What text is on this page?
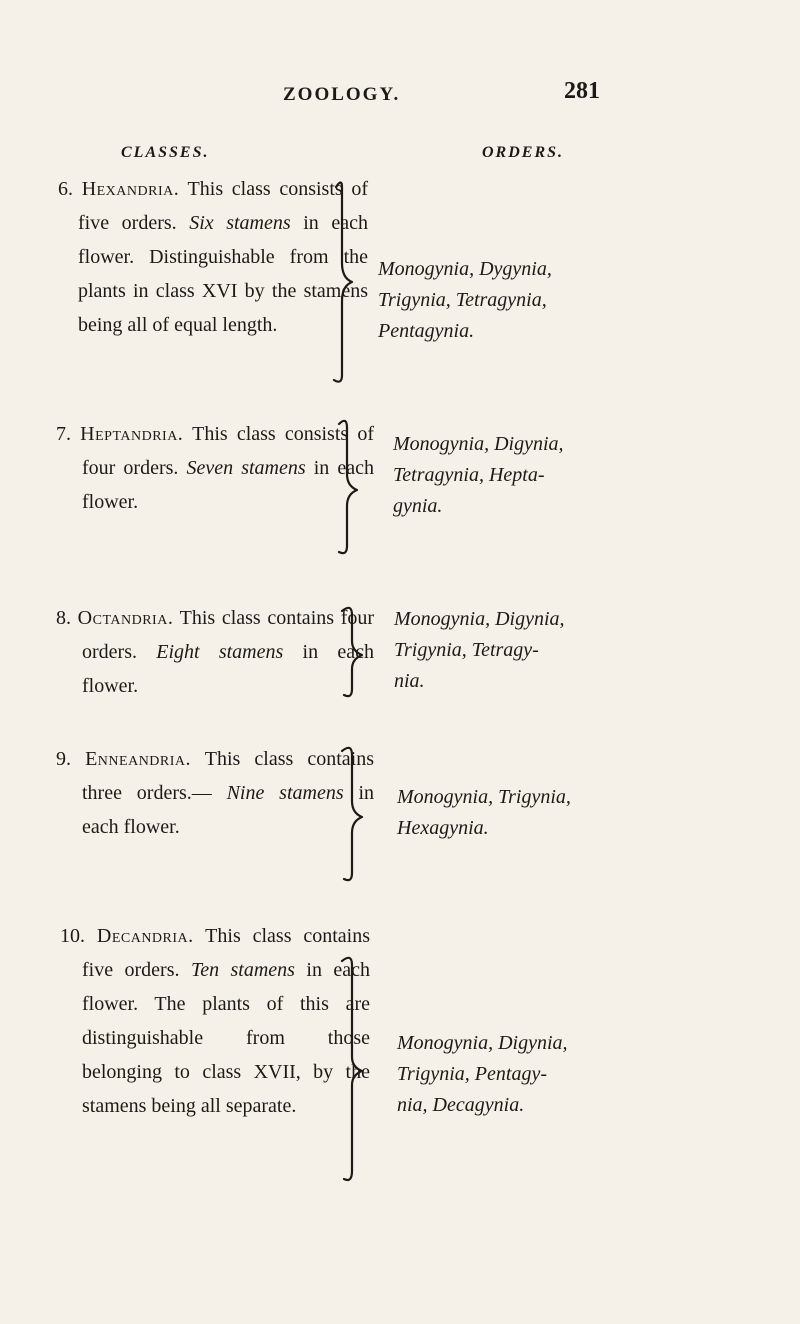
ZOOLOGY.	281
CLASSES.	ORDERS.
6. Hexandria. This class consists of five orders. Six stamens in each flower. Distinguishable from the plants in class XVI by the stamens being all of equal length.
Monogynia, Dygynia,
Trigynia, Tetragynia,
Pentagynia.
7. Heptandria. This class consists of four orders. Seven stamens in each flower.
Monogynia, Digynia,
Tetragynia, Hepta-
gynia.
8. Octandria. This class contains four orders. Eight stamens in each flower.
Monogynia, Digynia,
Trigynia, Tetragy-
nia.
9. Enneandria. This class contains three orders.— Nine stamens in each flower.
Monogynia, Trigynia,
Hexagynia.
10. Decandria. This class contains five orders. Ten stamens in each flower. The plants of this are distinguishable from those belonging to class XVII, by the stamens being all separate.
Monogynia, Digynia,
Trigynia, Pentagy-
nia, Decagynia.
